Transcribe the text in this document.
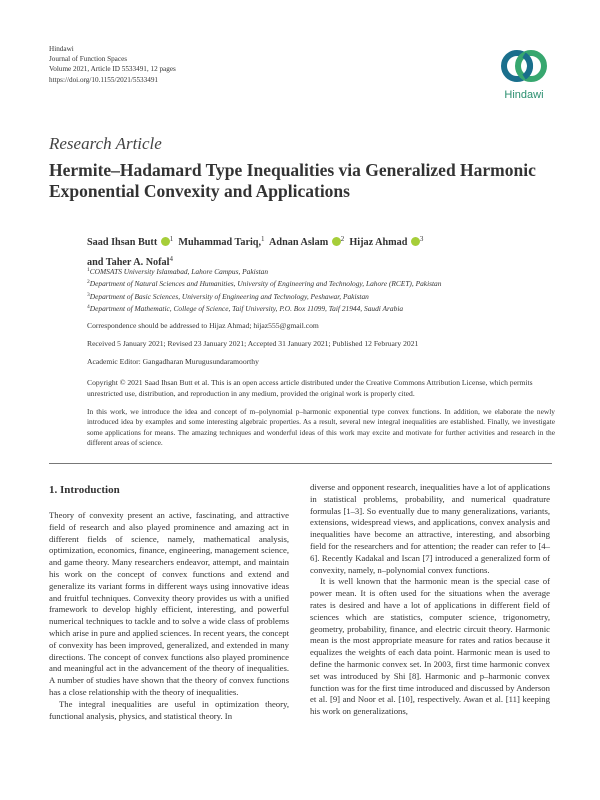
Hindawi
Journal of Function Spaces
Volume 2021, Article ID 5533491, 12 pages
https://doi.org/10.1155/2021/5533491
Hindawi
Research Article
Hermite–Hadamard Type Inequalities via Generalized Harmonic Exponential Convexity and Applications
Saad Ihsan Butt $^1$ Muhammad Tariq,$^1$ Adnan Aslam $^2$ Hijaz Ahmad $^3$
and Taher A. Nofal$^4$
$^1$COMSATS University Islamabad, Lahore Campus, Pakistan
$^2$Department of Natural Sciences and Humanities, University of Engineering and Technology, Lahore (RCET), Pakistan
$^3$Department of Basic Sciences, University of Engineering and Technology, Peshawar, Pakistan
$^4$Department of Mathematic, College of Science, Taif University, P.O. Box 11099, Taif 21944, Saudi Arabia
Correspondence should be addressed to Hijaz Ahmad; hijaz555@gmail.com
Received 5 January 2021; Revised 23 January 2021; Accepted 31 January 2021; Published 12 February 2021
Academic Editor: Gangadharan Murugusundaramoorthy
Copyright © 2021 Saad Ihsan Butt et al. This is an open access article distributed under the Creative Commons Attribution License, which permits unrestricted use, distribution, and reproduction in any medium, provided the original work is properly cited.
In this work, we introduce the idea and concept of m–polynomial p–harmonic exponential type convex functions. In addition, we elaborate the newly introduced idea by examples and some interesting algebraic properties. As a result, several new integral inequalities are established. Finally, we investigate some applications for means. The amazing techniques and wonderful ideas of this work may excite and motivate for further activities and research in the different areas of science.
1. Introduction

Theory of convexity present an active, fascinating, and attractive field of research and also played prominence and amazing act in different fields of science, namely, mathematical analysis, optimization, economics, finance, engineering, management science, and game theory. Many researchers endeavor, attempt, and maintain his work on the concept of convex functions and extend and generalize its variant forms in different ways using innovative ideas and fruitful techniques. Convexity theory provides us with a unified framework to develop highly efficient, interesting, and powerful numerical techniques to tackle and to solve a wide class of problems which arise in pure and applied sciences. In recent years, the concept of convexity has been improved, generalized, and extended in many directions. The concept of convex functions also played prominence and meaningful act in the advancement of the theory of inequalities. A number of studies have shown that the theory of convex functions has a close relationship with the theory of inequalities.

The integral inequalities are useful in optimization theory, functional analysis, physics, and statistical theory. In

diverse and opponent research, inequalities have a lot of applications in statistical problems, probability, and numerical quadrature formulas [1–3]. So eventually due to many generalizations, variants, extensions, widespread views, and applications, convex analysis and inequalities have become an attractive, interesting, and absorbing field for the researchers and for attention; the reader can refer to [4–6]. Recently Kadakal and Iscan [7] introduced a generalized form of convexity, namely, n–polynomial convex functions.

It is well known that the harmonic mean is the special case of power mean. It is often used for the situations when the average rates is desired and have a lot of applications in different field of sciences which are statistics, computer science, trigonometry, geometry, probability, finance, and electric circuit theory. Harmonic mean is the most appropriate measure for rates and ratios because it equalizes the weights of each data point. Harmonic mean is used to define the harmonic convex set. In 2003, first time harmonic convex set was introduced by Shi [8]. Harmonic and p–harmonic convex function was for the first time introduced and discussed by Anderson et al. [9] and Noor et al. [10], respectively. Awan et al. [11] keeping his work on generalizations,
